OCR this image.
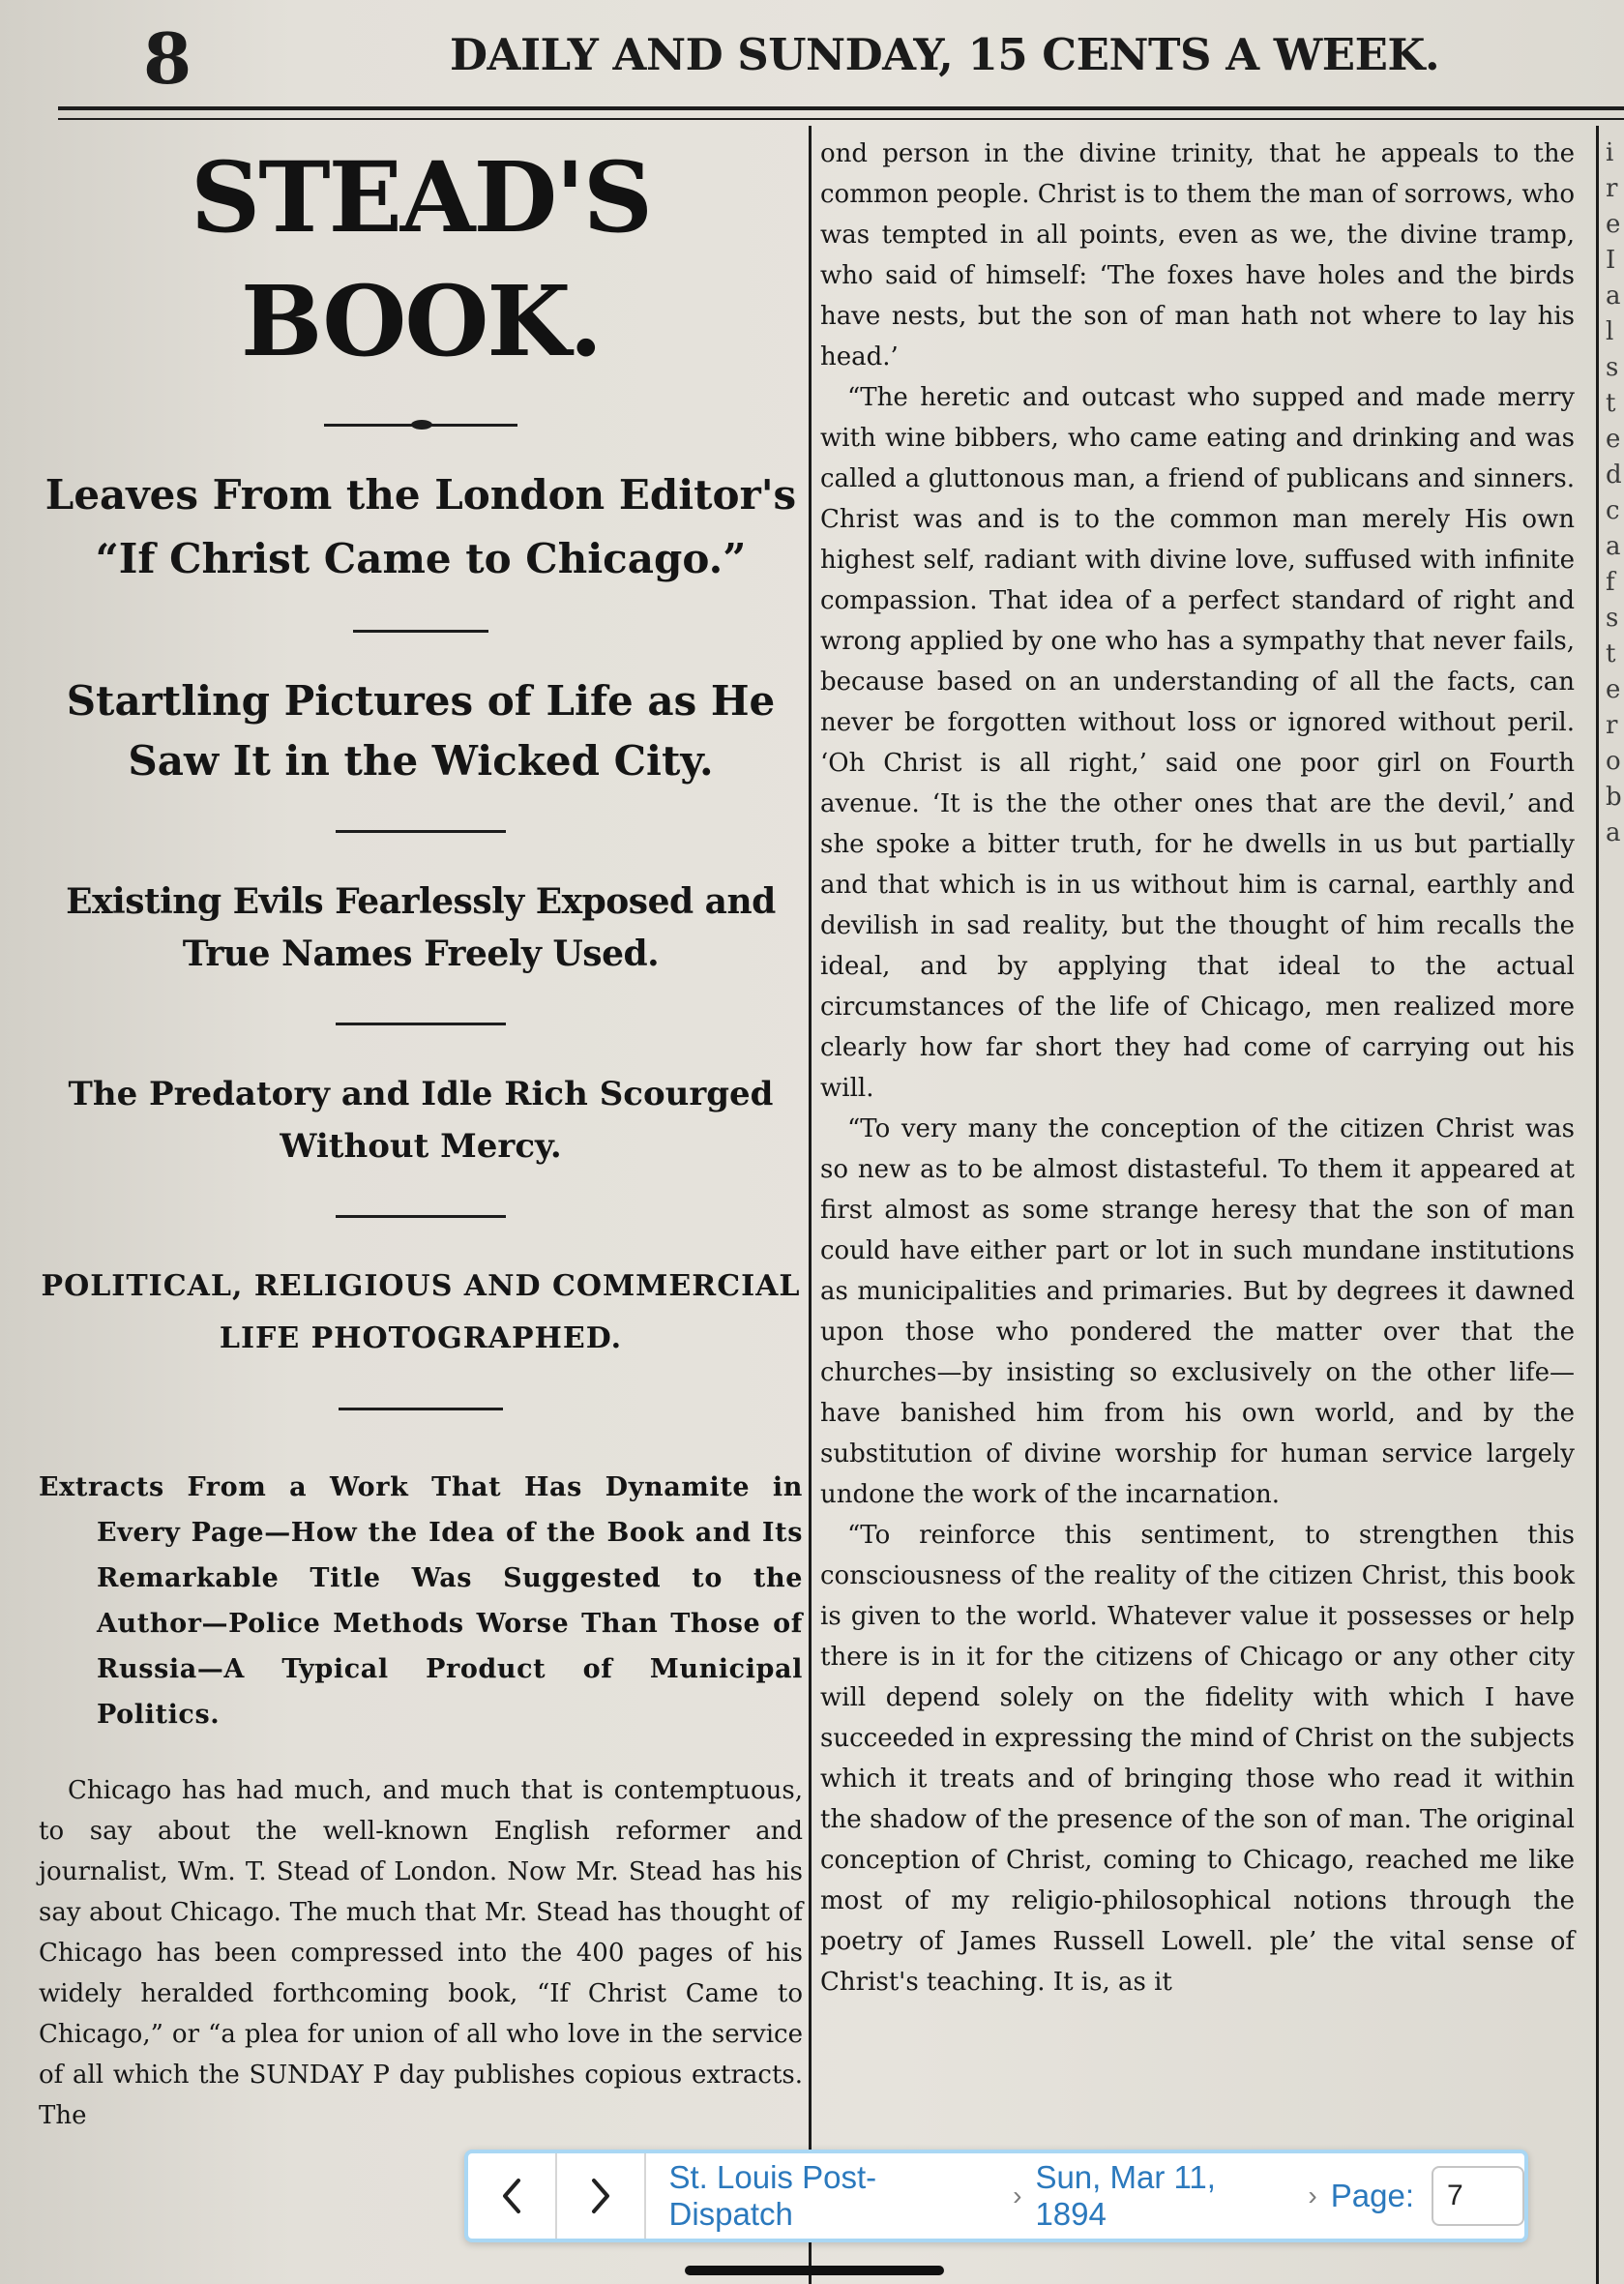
8	DAILY AND SUNDAY, 15 CENTS A WEEK.
STEAD'S BOOK.
Leaves From the London Editor's “If Christ Came to Chicago.”
Startling Pictures of Life as He Saw It in the Wicked City.
Existing Evils Fearlessly Exposed and True Names Freely Used.
The Predatory and Idle Rich Scourged Without Mercy.
POLITICAL, RELIGIOUS AND COMMERCIAL LIFE PHOTOGRAPHED.

Extracts From a Work That Has Dynamite in Every Page—How the Idea of the Book and Its Remarkable Title Was Suggested to the Author—Police Methods Worse Than Those of Russia—A Typical Product of Municipal Politics.

Chicago has had much, and much that is contemptuous, to say about the well-known English reformer and journalist, Wm. T. Stead of London. Now Mr. Stead has his say about Chicago. The much that Mr. Stead has thought of Chicago has been compressed into the 400 pages of his widely heralded forthcoming book, “If Christ Came to Chicago,” or “a plea for union of all who love in the service of all which the SUNDAY P day publishes copious extracts. The

ond person in the divine trinity, that he appeals to the common people. Christ is to them the man of sorrows, who was tempted in all points, even as we, the divine tramp, who said of himself: ‘The foxes have holes and the birds have nests, but the son of man hath not where to lay his head.’

“The heretic and outcast who supped and made merry with wine bibbers, who came eating and drinking and was called a gluttonous man, a friend of publicans and sinners. Christ was and is to the common man merely His own highest self, radiant with divine love, suffused with infinite compassion. That idea of a perfect standard of right and wrong applied by one who has a sympathy that never fails, because based on an understanding of all the facts, can never be forgotten without loss or ignored without peril. ‘Oh Christ is all right,’ said one poor girl on Fourth avenue. ‘It is the the other ones that are the devil,’ and she spoke a bitter truth, for he dwells in us but partially and that which is in us without him is carnal, earthly and devilish in sad reality, but the thought of him recalls the ideal, and by applying that ideal to the actual circumstances of the life of Chicago, men realized more clearly how far short they had come of carrying out his will.

“To very many the conception of the citizen Christ was so new as to be almost distasteful. To them it appeared at first almost as some strange heresy that the son of man could have either part or lot in such mundane institutions as municipalities and primaries. But by degrees it dawned upon those who pondered the matter over that the churches—by insisting so exclusively on the other life—have banished him from his own world, and by the substitution of divine worship for human service largely undone the work of the incarnation.

“To reinforce this sentiment, to strengthen this consciousness of the reality of the citizen Christ, this book is given to the world. Whatever value it possesses or help there is in it for the citizens of Chicago or any other city will depend solely on the fidelity with which I have succeeded in expressing the mind of Christ on the subjects which it treats and of bringing those who read it within the shadow of the presence of the son of man. The original conception of Christ, coming to Chicago, reached me like most of my religio-philosophical notions through the poetry of James Russell Lowell. ple’ the vital sense of Christ's teaching. It is, as it

i
r
e
I
a
l
s
t
e
d
c
a
f
s
t
e
r
o
b
a
St. Louis Post-Dispatch
›
Sun, Mar 11, 1894
› Page:
7
